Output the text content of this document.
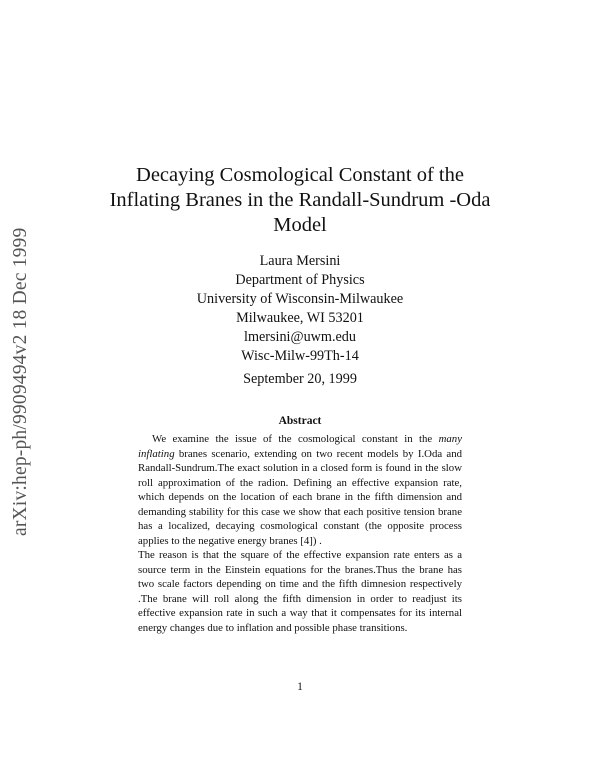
arXiv:hep-ph/9909494v2 18 Dec 1999
Decaying Cosmological Constant of the
Inflating Branes in the Randall-Sundrum -Oda
Model
Laura Mersini
Department of Physics
University of Wisconsin-Milwaukee
Milwaukee, WI 53201
lmersini@uwm.edu
Wisc-Milw-99Th-14
September 20, 1999
Abstract

We examine the issue of the cosmological constant in the many inflating branes scenario, extending on two recent models by I.Oda and Randall-Sundrum.The exact solution in a closed form is found in the slow roll approximation of the radion. Defining an effective expansion rate, which depends on the location of each brane in the fifth dimension and demanding stability for this case we show that each positive tension brane has a localized, decaying cosmological constant (the opposite process applies to the negative energy branes [4]) .

The reason is that the square of the effective expansion rate enters as a source term in the Einstein equations for the branes.Thus the brane has two scale factors depending on time and the fifth dimnesion respectively .The brane will roll along the fifth dimension in order to readjust its effective expansion rate in such a way that it compensates for its internal energy changes due to inflation and possible phase transitions.

1
